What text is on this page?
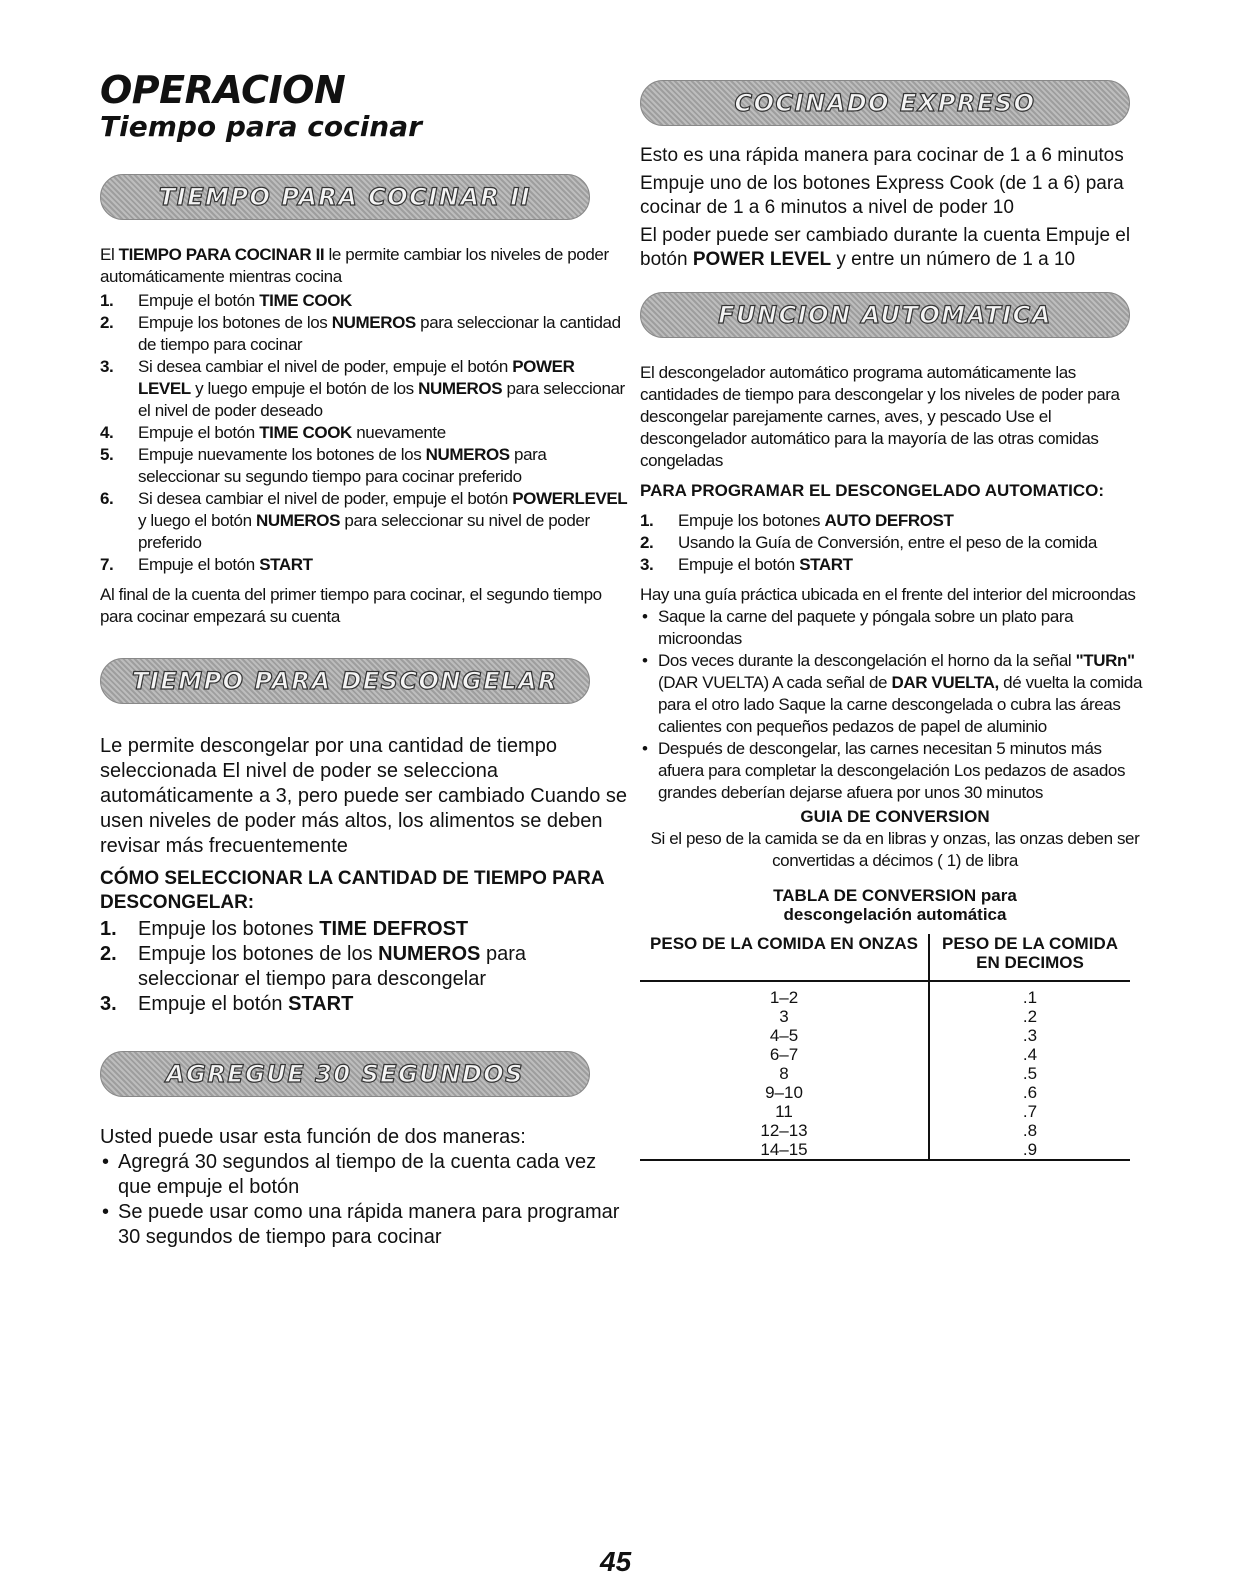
OPERACION
Tiempo para cocinar
TIEMPO PARA COCINAR II

El TIEMPO PARA COCINAR II le permite cambiar los niveles de poder automáticamente mientras cocina

1. Empuje el botón TIME COOK
2. Empuje los botones de los NUMEROS para seleccionar la cantidad de tiempo para cocinar
3. Si desea cambiar el nivel de poder, empuje el botón POWER LEVEL y luego empuje el botón de los NUMEROS para seleccionar el nivel de poder deseado
4. Empuje el botón TIME COOK nuevamente
5. Empuje nuevamente los botones de los NUMEROS para seleccionar su segundo tiempo para cocinar preferido
6. Si desea cambiar el nivel de poder, empuje el botón POWERLEVEL y luego el botón NUMEROS para seleccionar su nivel de poder preferido
7. Empuje el botón START

Al final de la cuenta del primer tiempo para cocinar, el segundo tiempo para cocinar empezará su cuenta

TIEMPO PARA DESCONGELAR

Le permite descongelar por una cantidad de tiempo seleccionada El nivel de poder se selecciona automáticamente a 3, pero puede ser cambiado Cuando se usen niveles de poder más altos, los alimentos se deben revisar más frecuentemente

CÓMO SELECCIONAR LA CANTIDAD DE TIEMPO PARA DESCONGELAR:

1. Empuje los botones TIME DEFROST
2. Empuje los botones de los NUMEROS para seleccionar el tiempo para descongelar
3. Empuje el botón START
AGREGUE 30 SEGUNDOS

Usted puede usar esta función de dos maneras:

• Agregrá 30 segundos al tiempo de la cuenta cada vez que empuje el botón
• Se puede usar como una rápida manera para programar 30 segundos de tiempo para cocinar
COCINADO EXPRESO

Esto es una rápida manera para cocinar de 1 a 6 minutos

Empuje uno de los botones Express Cook (de 1 a 6) para cocinar de 1 a 6 minutos a nivel de poder 10

El poder puede ser cambiado durante la cuenta Empuje el botón POWER LEVEL y entre un número de 1 a 10

FUNCION AUTOMATICA

El descongelador automático programa automáticamente las cantidades de tiempo para descongelar y los niveles de poder para descongelar parejamente carnes, aves, y pescado Use el descongelador automático para la mayoría de las otras comidas congeladas

PARA PROGRAMAR EL DESCONGELADO AUTOMATICO:

1. Empuje los botones AUTO DEFROST
2. Usando la Guía de Conversión, entre el peso de la comida
3. Empuje el botón START

Hay una guía práctica ubicada en el frente del interior del microondas

• Saque la carne del paquete y póngala sobre un plato para microondas
• Dos veces durante la descongelación el horno da la señal "TURn" (DAR VUELTA) A cada señal de DAR VUELTA, dé vuelta la comida para el otro lado Saque la carne descongelada o cubra las áreas calientes con pequeños pedazos de papel de aluminio
• Después de descongelar, las carnes necesitan 5 minutos más afuera para completar la descongelación Los pedazos de asados grandes deberían dejarse afuera por unos 30 minutos

GUIA DE CONVERSION

Si el peso de la camida se da en libras y onzas, las onzas deben ser convertidas a décimos ( 1) de libra

TABLA DE CONVERSION para
descongelación automática
PESO DE LA COMIDA EN ONZAS	PESO DE LA COMIDA EN DECIMOS
1–2	.1
3	.2
4–5	.3
6–7	.4
8	.5
9–10	.6
11	.7
12–13	.8
14–15	.9
45
